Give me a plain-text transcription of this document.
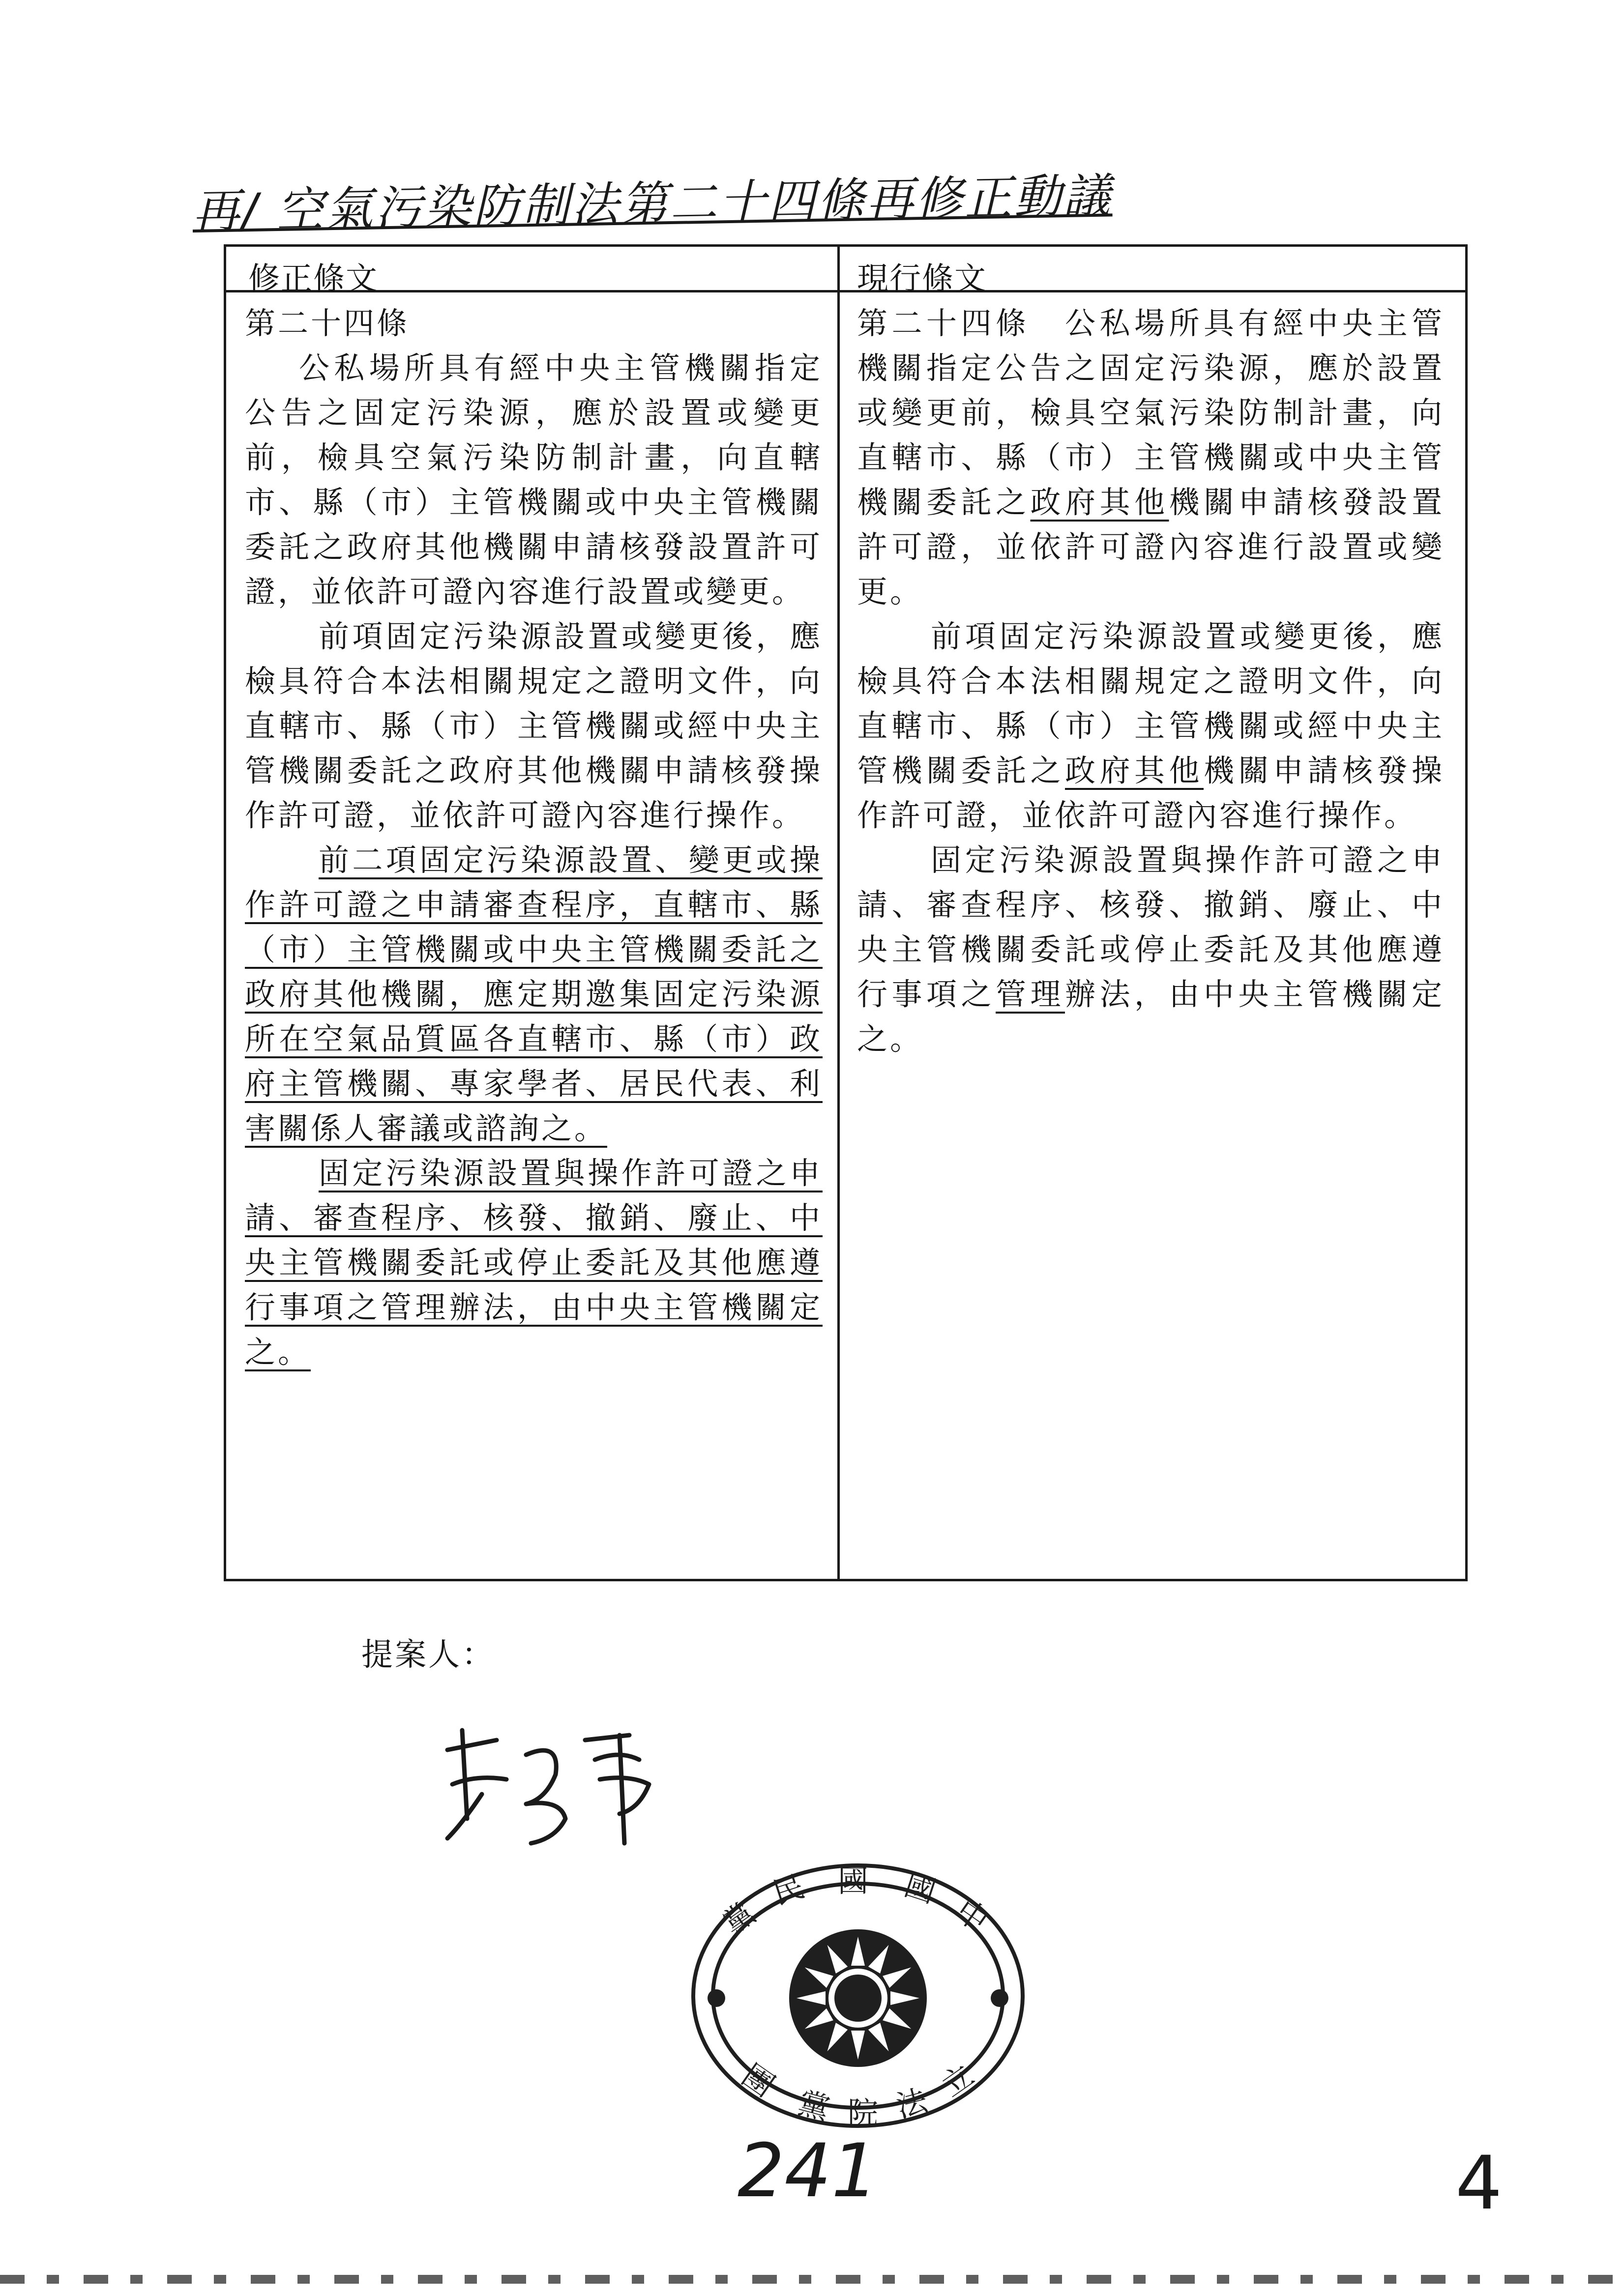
再/ 空氣污染防制法第二十四條再修正動議
修正條文	現行條文

第二十四條

公私場所具有經中央主管機關指定公告之固定污染源，應於設置或變更前，檢具空氣污染防制計畫，向直轄市、縣（市）主管機關或中央主管機關委託之政府其他機關申請核發設置許可證，並依許可證內容進行設置或變更。

前項固定污染源設置或變更後，應檢具符合本法相關規定之證明文件，向直轄市、縣（市）主管機關或經中央主管機關委託之政府其他機關申請核發操作許可證，並依許可證內容進行操作。

前二項固定污染源設置、變更或操作許可證之申請審查程序，直轄市、縣（市）主管機關或中央主管機關委託之政府其他機關，應定期邀集固定污染源所在空氣品質區各直轄市、縣（市）政府主管機關、專家學者、居民代表、利害關係人審議或諮詢之。

固定污染源設置與操作許可證之申請、審查程序、核發、撤銷、廢止、中央主管機關委託或停止委託及其他應遵行事項之管理辦法，由中央主管機關定之。

第二十四條　公私場所具有經中央主管機關指定公告之固定污染源，應於設置或變更前，檢具空氣污染防制計畫，向直轄市、縣（市）主管機關或中央主管機關委託之政府其他機關申請核發設置許可證，並依許可證內容進行設置或變更。

前項固定污染源設置或變更後，應檢具符合本法相關規定之證明文件，向直轄市、縣（市）主管機關或經中央主管機關委託之政府其他機關申請核發操作許可證，並依許可證內容進行操作。

固定污染源設置與操作許可證之申請、審查程序、核發、撤銷、廢止、中央主管機關委託或停止委託及其他應遵行事項之管理辦法，由中央主管機關定之。

提案人：
黨
民 國 國
中
團
黨 院 法 立
241	4
